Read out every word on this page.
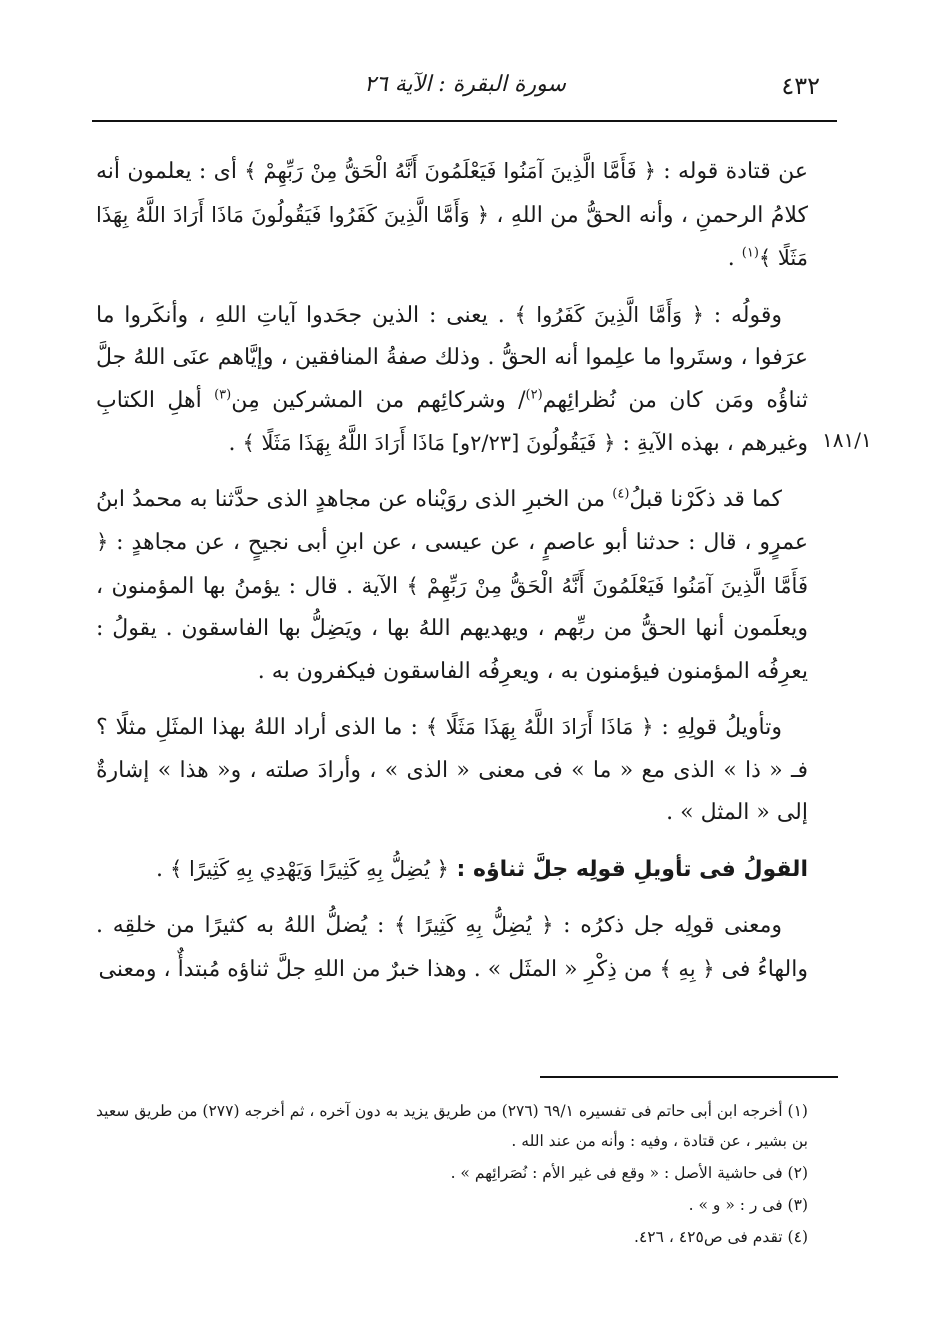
٤٣٢
سورة البقرة : الآية ٢٦
١٨١/١

عن قتادة قوله : ﴿ فَأَمَّا الَّذِينَ آمَنُوا فَيَعْلَمُونَ أَنَّهُ الْحَقُّ مِنْ رَبِّهِمْ ﴾ أى : يعلمون أنه كلامُ الرحمنِ ، وأنه الحقُّ من اللهِ ، ﴿ وَأَمَّا الَّذِينَ كَفَرُوا فَيَقُولُونَ مَاذَا أَرَادَ اللَّهُ بِهَذَا مَثَلًا ﴾$^{(١)}$ .

وقولُه : ﴿ وَأَمَّا الَّذِينَ كَفَرُوا ﴾ . يعنى : الذين جحَدوا آياتِ اللهِ ، وأنكَروا ما عرَفوا ، وستَروا ما علِموا أنه الحقُّ . وذلك صفةُ المنافقين ، وإيَّاهم عنَى اللهُ جلَّ ثناؤُه ومَن كان من نُظرائِهم$^{(٢)}$/ وشركائِهم من المشركين مِن$^{(٣)}$ أهلِ الكتابِ وغيرهم ، بهذه الآيةِ : ﴿ فَيَقُولُونَ [٢/٢٣و] مَاذَا أَرَادَ اللَّهُ بِهَذَا مَثَلًا ﴾ .

كما قد ذكَرْنا قبلُ$^{(٤)}$ من الخبرِ الذى روَيْناه عن مجاهدٍ الذى حدَّثنا به محمدُ ابنُ عمرٍو ، قال : حدثنا أبو عاصمٍ ، عن عيسى ، عن ابنِ أبى نجيحٍ ، عن مجاهدٍ : ﴿ فَأَمَّا الَّذِينَ آمَنُوا فَيَعْلَمُونَ أَنَّهُ الْحَقُّ مِنْ رَبِّهِمْ ﴾ الآية . قال : يؤمنُ بها المؤمنون ، ويعلَمون أنها الحقُّ من ربِّهم ، ويهديهم اللهُ بها ، ويَضِلُّ بها الفاسقون . يقولُ : يعرِفُه المؤمنون فيؤمنون به ، ويعرِفُه الفاسقون فيكفرون به .

وتأويلُ قولِهِ : ﴿ مَاذَا أَرَادَ اللَّهُ بِهَذَا مَثَلًا ﴾ : ما الذى أراد اللهُ بهذا المثَلِ مثلًا ؟ فـ « ذا » الذى مع « ما » فى معنى « الذى » ، وأرادَ صلته ، و« هذا » إشارةٌ إلى « المثل » .

القولُ فى تأويلِ قولِه جلَّ ثناؤه : ﴿ يُضِلُّ بِهِ كَثِيرًا وَيَهْدِي بِهِ كَثِيرًا ﴾ .

ومعنى قولِه جل ذكرُه : ﴿ يُضِلُّ بِهِ كَثِيرًا ﴾ : يُضلُّ اللهُ به كثيرًا من خلقِه . والهاءُ فى ﴿ بِهِ ﴾ من ذِكْرِ « المثَل » . وهذا خبرٌ من اللهِ جلَّ ثناؤه مُبتدأٌ ، ومعنى

(١) أخرجه ابن أبى حاتم فى تفسيره ٦٩/١ (٢٧٦) من طريق يزيد به دون آخره ، ثم أخرجه (٢٧٧) من طريق سعيد بن بشير ، عن قتادة ، وفيه : وأنه من عند الله .

(٢) فى حاشية الأصل : « وقع فى غير الأم : نُصَرائِهم » .

(٣) فى ر : « و » .

(٤) تقدم فى ص٤٢٥ ، ٤٢٦.
